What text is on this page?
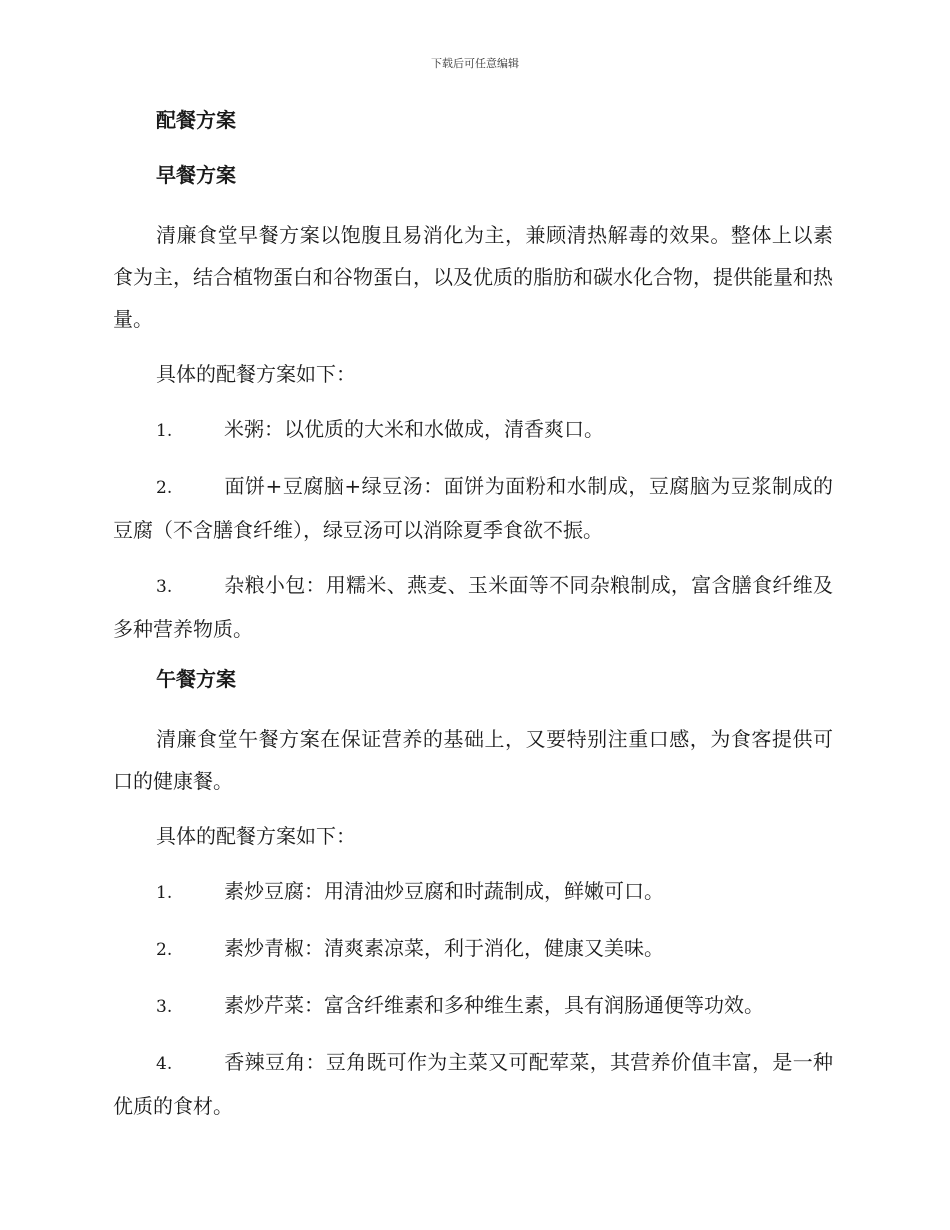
下载后可任意编辑
配餐方案
早餐方案
清廉食堂早餐方案以饱腹且易消化为主，兼顾清热解毒的效果。整体上以素食为主，结合植物蛋白和谷物蛋白，以及优质的脂肪和碳水化合物，提供能量和热量。
具体的配餐方案如下：
1.	米粥：以优质的大米和水做成，清香爽口。
2.	面饼+豆腐脑+绿豆汤：面饼为面粉和水制成，豆腐脑为豆浆制成的豆腐（不含膳食纤维），绿豆汤可以消除夏季食欲不振。
3.	杂粮小包：用糯米、燕麦、玉米面等不同杂粮制成，富含膳食纤维及多种营养物质。
午餐方案
清廉食堂午餐方案在保证营养的基础上，又要特别注重口感，为食客提供可口的健康餐。
具体的配餐方案如下：
1.	素炒豆腐：用清油炒豆腐和时蔬制成，鲜嫩可口。
2.	素炒青椒：清爽素凉菜，利于消化，健康又美味。
3.	素炒芹菜：富含纤维素和多种维生素，具有润肠通便等功效。
4.	香辣豆角：豆角既可作为主菜又可配荤菜，其营养价值丰富，是一种优质的食材。
